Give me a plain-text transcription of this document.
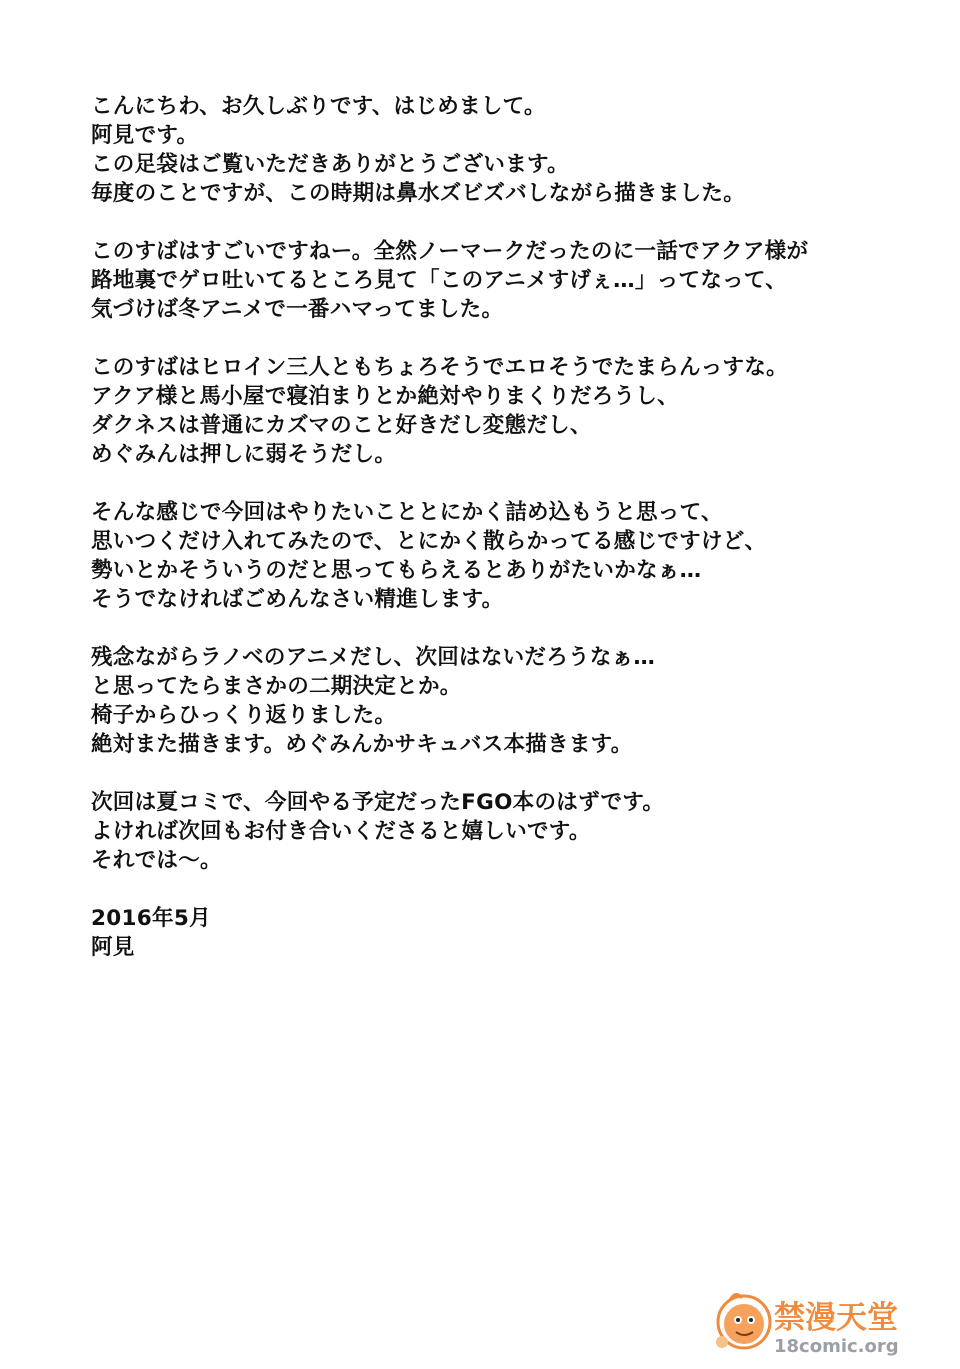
こんにちわ、お久しぶりです、はじめまして。
阿見です。
この足袋はご覧いただきありがとうございます。
毎度のことですが、この時期は鼻水ズビズバしながら描きました。
このすばはすごいですねー。全然ノーマークだったのに一話でアクア様が
路地裏でゲロ吐いてるところ見て「このアニメすげぇ…」ってなって、
気づけば冬アニメで一番ハマってました。
このすばはヒロイン三人ともちょろそうでエロそうでたまらんっすな。
アクア様と馬小屋で寝泊まりとか絶対やりまくりだろうし、
ダクネスは普通にカズマのこと好きだし変態だし、
めぐみんは押しに弱そうだし。
そんな感じで今回はやりたいこととにかく詰め込もうと思って、
思いつくだけ入れてみたので、とにかく散らかってる感じですけど、
勢いとかそういうのだと思ってもらえるとありがたいかなぁ…
そうでなければごめんなさい精進します。
残念ながらラノベのアニメだし、次回はないだろうなぁ…
と思ってたらまさかの二期決定とか。
椅子からひっくり返りました。
絶対また描きます。めぐみんかサキュバス本描きます。
次回は夏コミで、今回やる予定だったFGO本のはずです。
よければ次回もお付き合いくださると嬉しいです。
それでは～。
2016年5月
阿見
禁漫天堂
18comic.org
